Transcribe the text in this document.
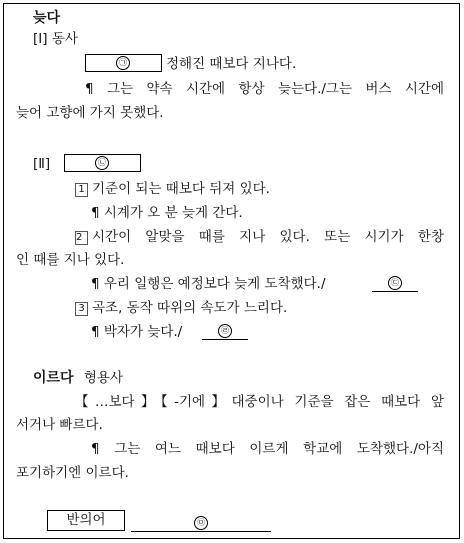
늦다
[Ⅰ] 동사
㉠	정해진 때보다 지나다.
¶ 그는 약속 시간에 항상 늦는다./그는 버스 시간에
늦어 고향에 가지 못했다.
[Ⅱ]	㉡
1 기준이 되는 때보다 뒤져 있다.
¶ 시계가 오 분 늦게 간다.
2 시간이 알맞을 때를 지나 있다. 또는 시기가 한창
인 때를 지나 있다.
¶ 우리 일행은 예정보다 늦게 도착했다./	㉢
3 곡조, 동작 따위의 속도가 느리다.
¶ 박자가 늦다./	㉣
이르다 형용사
【…보다】【-기에】대중이나 기준을 잡은 때보다 앞
서거나 빠르다.
¶ 그는 여느 때보다 이르게 학교에 도착했다./아직
포기하기엔 이르다.
반의어	㉤
